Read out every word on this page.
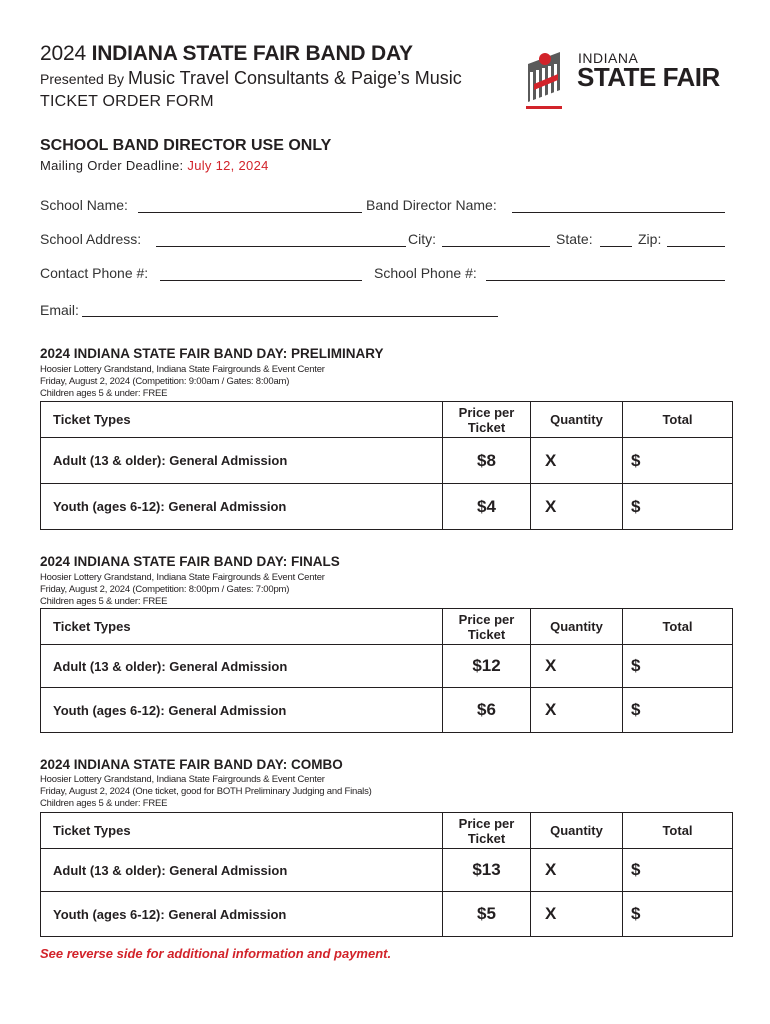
2024 INDIANA STATE FAIR BAND DAY
Presented By Music Travel Consultants & Paige’s Music
TICKET ORDER FORM
INDIANA
STATE FAIR
SCHOOL BAND DIRECTOR USE ONLY
Mailing Order Deadline: July 12, 2024
School Name:	Band Director Name:
School Address:	City:	State:	Zip:
Contact Phone #:	School Phone #:
Email:
2024 INDIANA STATE FAIR BAND DAY: PRELIMINARY
Hoosier Lottery Grandstand, Indiana State Fairgrounds & Event Center
Friday, August 2, 2024 (Competition: 9:00am / Gates: 8:00am)
Children ages 5 & under: FREE
Ticket Types	Price per Ticket	Quantity	Total
Adult (13 & older): General Admission	$8	X	$
Youth (ages 6-12): General Admission	$4	X	$
2024 INDIANA STATE FAIR BAND DAY: FINALS
Hoosier Lottery Grandstand, Indiana State Fairgrounds & Event Center
Friday, August 2, 2024 (Competition: 8:00pm / Gates: 7:00pm)
Children ages 5 & under: FREE
Ticket Types	Price per Ticket	Quantity	Total
Adult (13 & older): General Admission	$12	X	$
Youth (ages 6-12): General Admission	$6	X	$
2024 INDIANA STATE FAIR BAND DAY: COMBO
Hoosier Lottery Grandstand, Indiana State Fairgrounds & Event Center
Friday, August 2, 2024 (One ticket, good for BOTH Preliminary Judging and Finals)
Children ages 5 & under: FREE
Ticket Types	Price per Ticket	Quantity	Total
Adult (13 & older): General Admission	$13	X	$
Youth (ages 6-12): General Admission	$5	X	$
See reverse side for additional information and payment.
